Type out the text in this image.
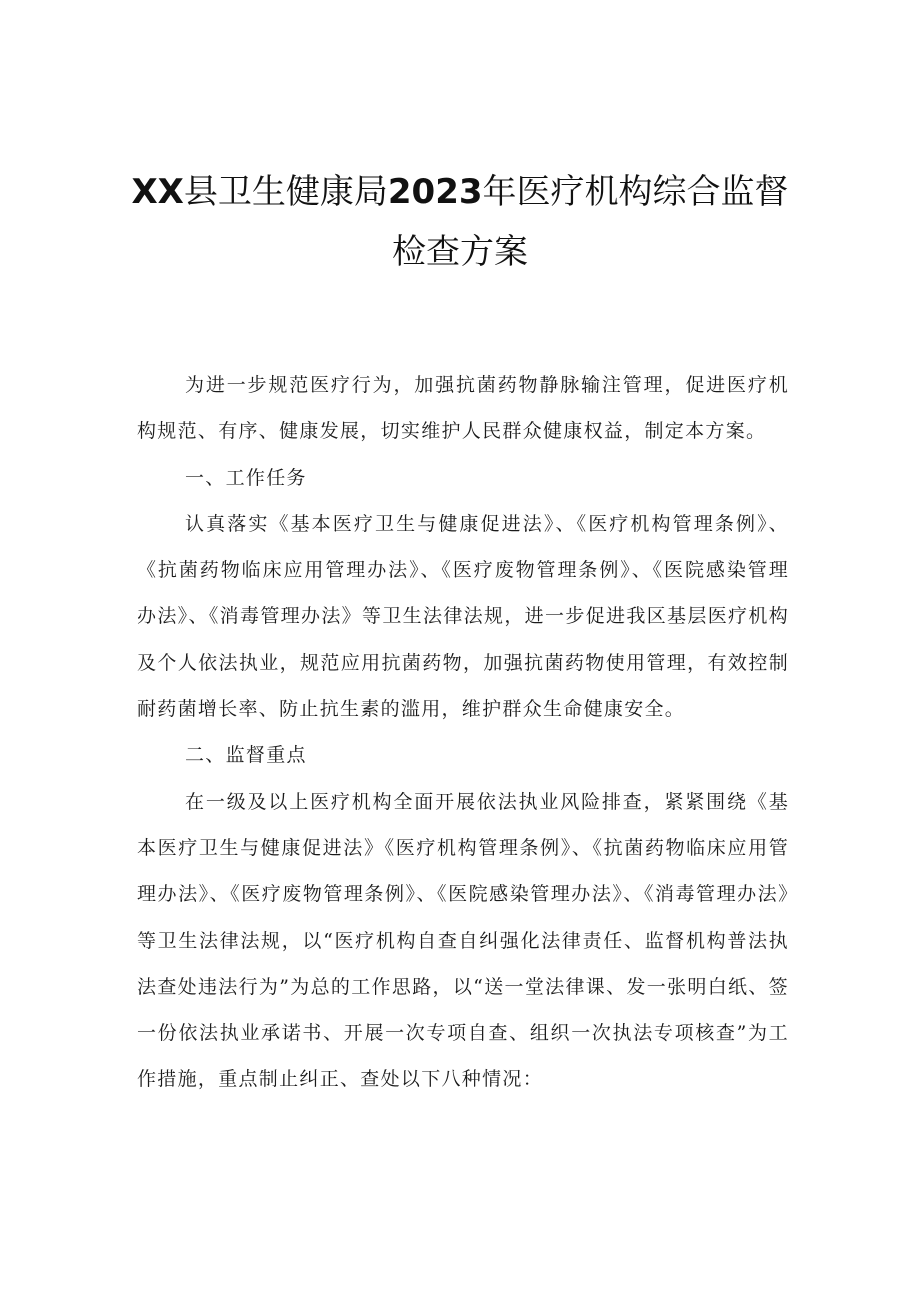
XX县卫生健康局2023年医疗机构综合监督
检查方案

为进一步规范医疗行为，加强抗菌药物静脉输注管理，促进医疗机构规范、有序、健康发展，切实维护人民群众健康权益，制定本方案。

一、工作任务

认真落实《基本医疗卫生与健康促进法》、《医疗机构管理条例》、《抗菌药物临床应用管理办法》、《医疗废物管理条例》、《医院感染管理办法》、《消毒管理办法》等卫生法律法规，进一步促进我区基层医疗机构及个人依法执业，规范应用抗菌药物，加强抗菌药物使用管理，有效控制耐药菌增长率、防止抗生素的滥用，维护群众生命健康安全。

二、监督重点

在一级及以上医疗机构全面开展依法执业风险排查，紧紧围绕《基本医疗卫生与健康促进法》《医疗机构管理条例》、《抗菌药物临床应用管理办法》、《医疗废物管理条例》、《医院感染管理办法》、《消毒管理办法》等卫生法律法规，以“医疗机构自查自纠强化法律责任、监督机构普法执法查处违法行为”为总的工作思路，以“送一堂法律课、发一张明白纸、签一份依法执业承诺书、开展一次专项自查、组织一次执法专项核查”为工作措施，重点制止纠正、查处以下八种情况：
